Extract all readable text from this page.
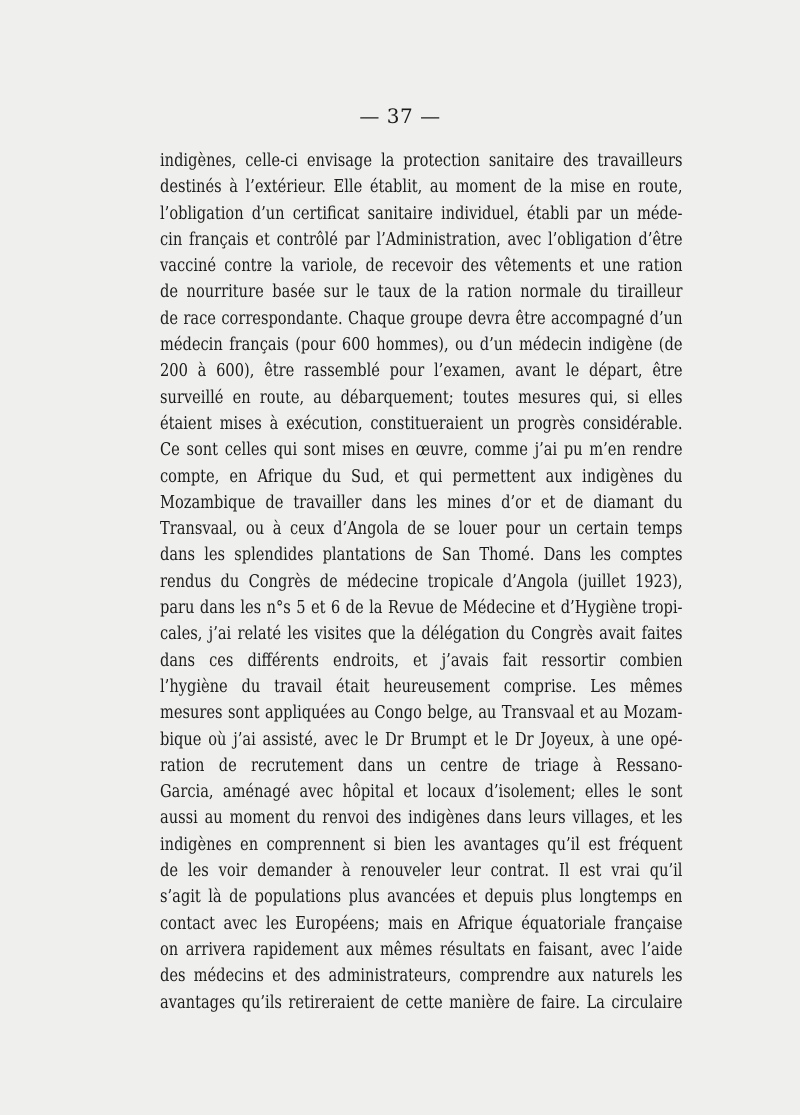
— 37 —
indigènes, celle-ci envisage la protection sanitaire des travailleurs
destinés à l’extérieur. Elle établit, au moment de la mise en route,
l’obligation d’un certificat sanitaire individuel, établi par un méde-
cin français et contrôlé par l’Administration, avec l’obligation d’être
vacciné contre la variole, de recevoir des vêtements et une ration
de nourriture basée sur le taux de la ration normale du tirailleur
de race correspondante. Chaque groupe devra être accompagné d’un
médecin français (pour 600 hommes), ou d’un médecin indigène (de
200 à 600), être rassemblé pour l’examen, avant le départ, être
surveillé en route, au débarquement; toutes mesures qui, si elles
étaient mises à exécution, constitueraient un progrès considérable.
Ce sont celles qui sont mises en œuvre, comme j’ai pu m’en rendre
compte, en Afrique du Sud, et qui permettent aux indigènes du
Mozambique de travailler dans les mines d’or et de diamant du
Transvaal, ou à ceux d’Angola de se louer pour un certain temps
dans les splendides plantations de San Thomé. Dans les comptes
rendus du Congrès de médecine tropicale d’Angola (juillet 1923),
paru dans les n°s 5 et 6 de la Revue de Médecine et d’Hygiène tropi-
cales, j’ai relaté les visites que la délégation du Congrès avait faites
dans ces différents endroits, et j’avais fait ressortir combien
l’hygiène du travail était heureusement comprise. Les mêmes
mesures sont appliquées au Congo belge, au Transvaal et au Mozam-
bique où j’ai assisté, avec le Dr Brumpt et le Dr Joyeux, à une opé-
ration de recrutement dans un centre de triage à Ressano-
Garcia, aménagé avec hôpital et locaux d’isolement; elles le sont
aussi au moment du renvoi des indigènes dans leurs villages, et les
indigènes en comprennent si bien les avantages qu’il est fréquent
de les voir demander à renouveler leur contrat. Il est vrai qu’il
s’agit là de populations plus avancées et depuis plus longtemps en
contact avec les Européens; mais en Afrique équatoriale française
on arrivera rapidement aux mêmes résultats en faisant, avec l’aide
des médecins et des administrateurs, comprendre aux naturels les
avantages qu’ils retireraient de cette manière de faire. La circulaire
